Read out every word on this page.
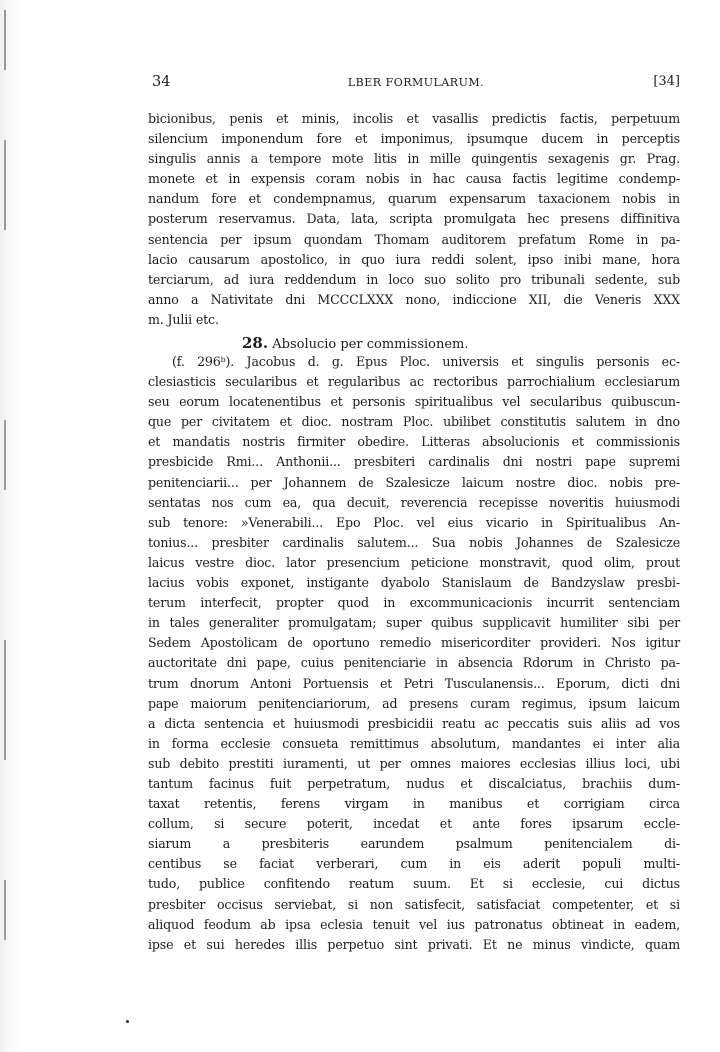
34	LBER FORMULARUM.	[34]
bicionibus, penis et minis, incolis et vasallis predictis factis, perpetuum
silencium imponendum fore et imponimus, ipsumque ducem in perceptis
singulis annis a tempore mote litis in mille quingentis sexagenis gr. Prag.
monete et in expensis coram nobis in hac causa factis legitime condemp-
nandum fore et condempnamus, quarum expensarum taxacionem nobis in
posterum reservamus. Data, lata, scripta promulgata hec presens diffinitiva
sentencia per ipsum quondam Thomam auditorem prefatum Rome in pa-
lacio causarum apostolico, in quo iura reddi solent, ipso inibi mane, hora
terciarum, ad iura reddendum in loco suo solito pro tribunali sedente, sub
anno a Nativitate dni MCCCLXXX nono, indiccione XII, die Veneris XXX
m. Julii etc.
28. Absolucio per commissionem.
(f. 296ᵇ). Jacobus d. g. Epus Ploc. universis et singulis personis ec-
clesiasticis secularibus et regularibus ac rectoribus parrochialium ecclesiarum
seu eorum locatenentibus et personis spiritualibus vel secularibus quibuscun-
que per civitatem et dioc. nostram Ploc. ubilibet constitutis salutem in dno
et mandatis nostris firmiter obedire. Litteras absolucionis et commissionis
presbicide Rmi... Anthonii... presbiteri cardinalis dni nostri pape supremi
penitenciarii... per Johannem de Szalesicze laicum nostre dioc. nobis pre-
sentatas nos cum ea, qua decuit, reverencia recepisse noveritis huiusmodi
sub tenore: »Venerabili... Epo Ploc. vel eius vicario in Spiritualibus An-
tonius... presbiter cardinalis salutem... Sua nobis Johannes de Szalesicze
laicus vestre dioc. lator presencium peticione monstravit, quod olim, prout
lacius vobis exponet, instigante dyabolo Stanislaum de Bandzyslaw presbi-
terum interfecit, propter quod in excommunicacionis incurrit sentenciam
in tales generaliter promulgatam; super quibus supplicavit humiliter sibi per
Sedem Apostolicam de oportuno remedio misericorditer provideri. Nos igitur
auctoritate dni pape, cuius penitenciarie in absencia Rdorum in Christo pa-
trum dnorum Antoni Portuensis et Petri Tusculanensis... Eporum, dicti dni
pape maiorum penitenciariorum, ad presens curam regimus, ipsum laicum
a dicta sentencia et huiusmodi presbicidii reatu ac peccatis suis aliis ad vos
in forma ecclesie consueta remittimus absolutum, mandantes ei inter alia
sub debito prestiti iuramenti, ut per omnes maiores ecclesias illius loci, ubi
tantum facinus fuit perpetratum, nudus et discalciatus, brachiis dum-
taxat retentis, ferens virgam in manibus et corrigiam circa
collum, si secure poterit, incedat et ante fores ipsarum eccle-
siarum a presbiteris earundem psalmum penitencialem di-
centibus se faciat verberari, cum in eis aderit populi multi-
tudo, publice confitendo reatum suum. Et si ecclesie, cui dictus
presbiter occisus serviebat, si non satisfecit, satisfaciat competenter, et si
aliquod feodum ab ipsa eclesia tenuit vel ius patronatus obtineat in eadem,
ipse et sui heredes illis perpetuo sint privati. Et ne minus vindicte, quam
